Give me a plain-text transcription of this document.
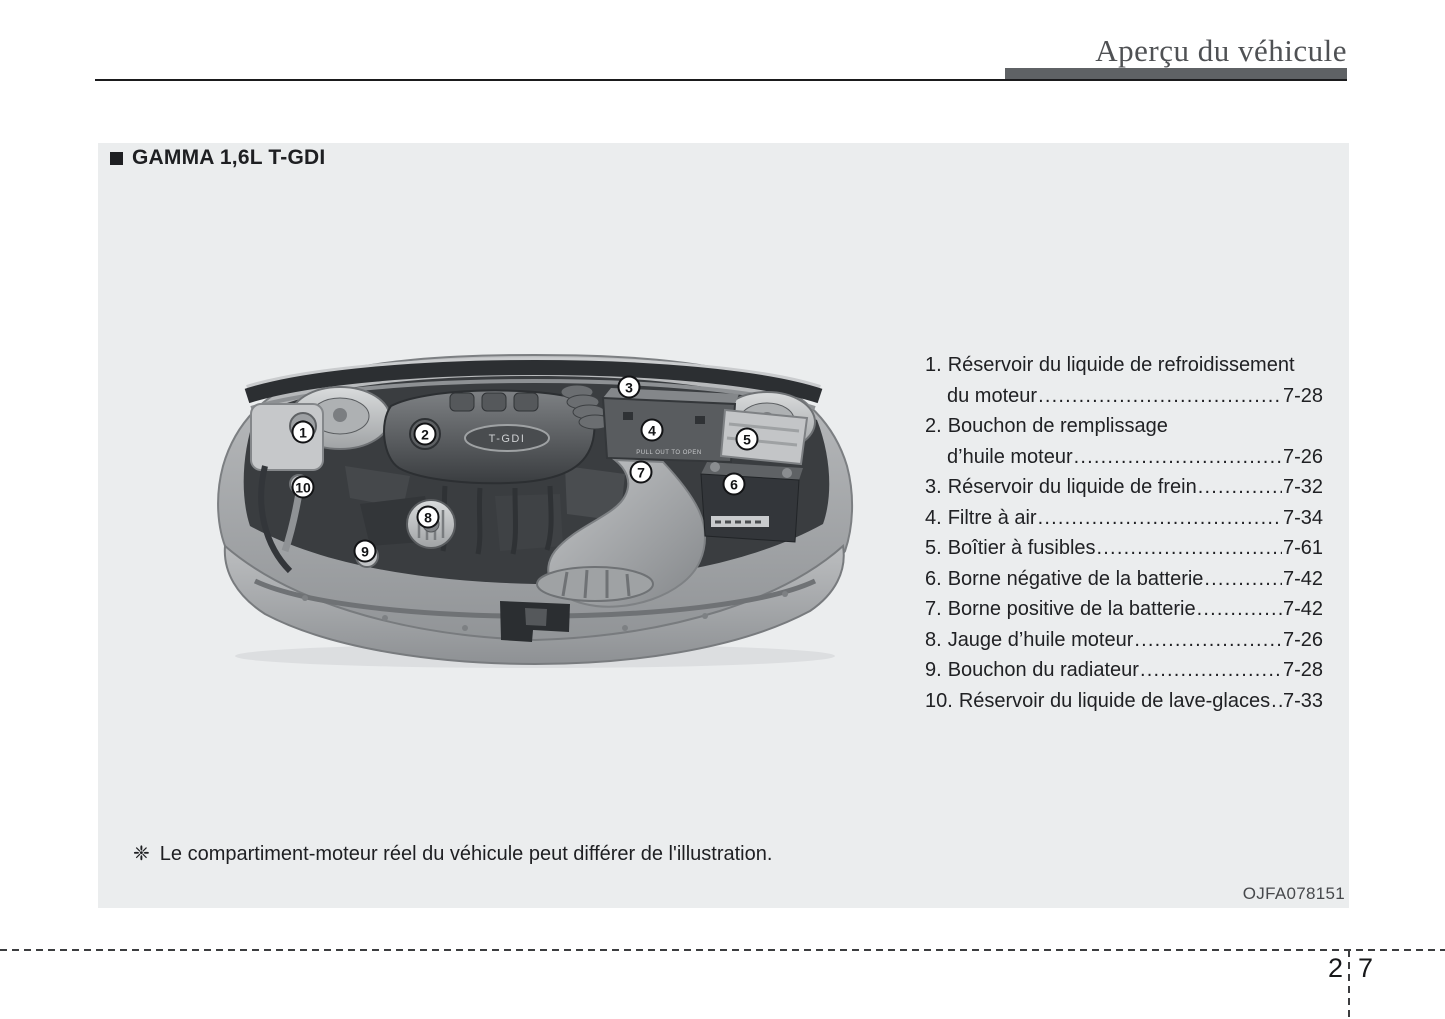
Aperçu du véhicule
GAMMA 1,6L T-GDI
T-GDI
PULL OUT TO OPEN
1	2
3
4
5
6
7
8
9
10
1. Réservoir du liquide de refroidissement
du moteur .....	7-28
2. Bouchon de remplissage
d’huile moteur .....	7-26
3. Réservoir du liquide de frein .....	7-32
4. Filtre à air .....	7-34
5. Boîtier à fusibles .....	7-61
6. Borne négative de la batterie .....	7-42
7. Borne positive de la batterie .....	7-42
8. Jauge d’huile moteur .....	7-26
9. Bouchon du radiateur .....	7-28
10. Réservoir du liquide de lave-glaces ..... 7-33
❈ Le compartiment-moteur réel du véhicule peut différer de l'illustration.
OJFA078151
2 7
